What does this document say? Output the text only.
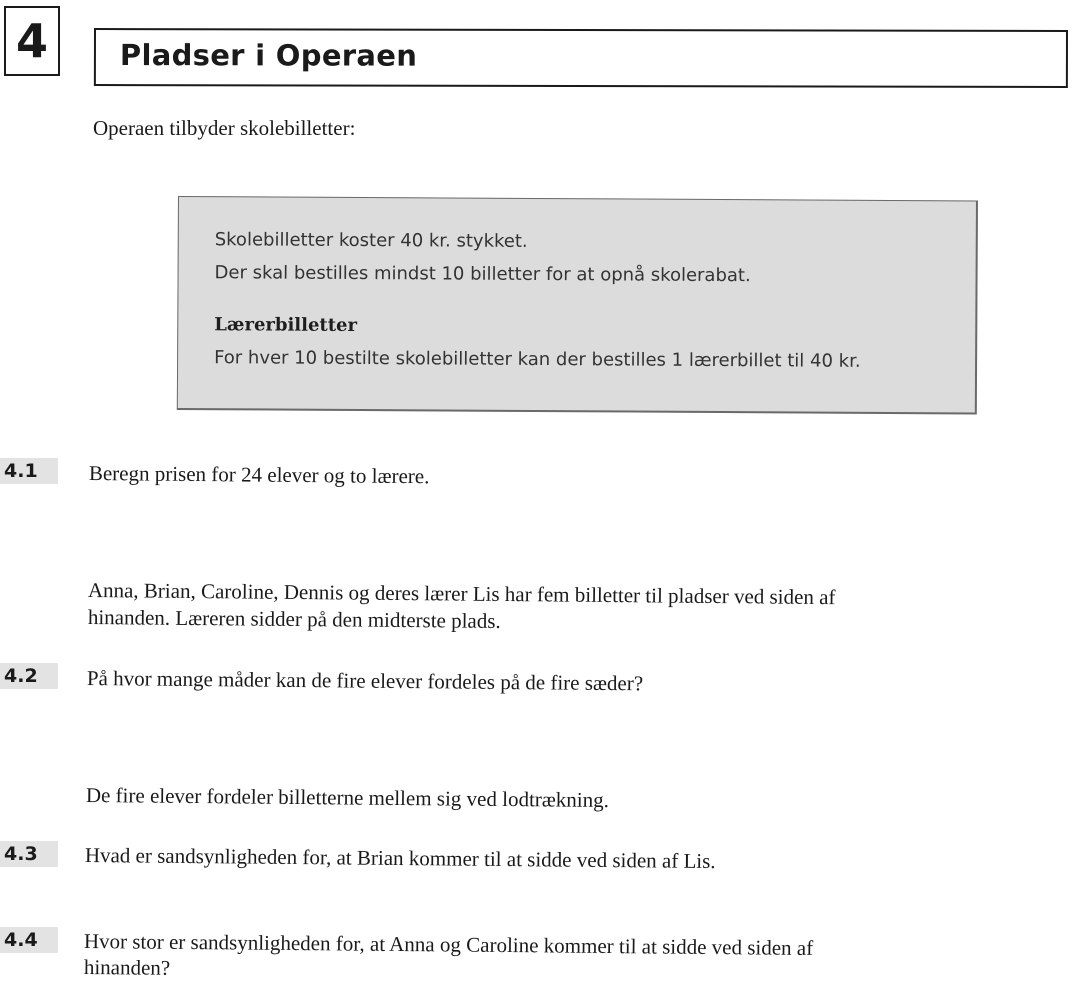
4	Pladser i Operaen
Operaen tilbyder skolebilletter:
Skolebilletter koster 40 kr. stykket.
Der skal bestilles mindst 10 billetter for at opnå skolerabat.
Lærerbilletter
For hver 10 bestilte skolebilletter kan der bestilles 1 lærerbillet til 40 kr.
4.1	Beregn prisen for 24 elever og to lærere.
Anna, Brian, Caroline, Dennis og deres lærer Lis har fem billetter til pladser ved siden af
hinanden. Læreren sidder på den midterste plads.
4.2	På hvor mange måder kan de fire elever fordeles på de fire sæder?
De fire elever fordeler billetterne mellem sig ved lodtrækning.
4.3	Hvad er sandsynligheden for, at Brian kommer til at sidde ved siden af Lis.
4.4	Hvor stor er sandsynligheden for, at Anna og Caroline kommer til at sidde ved siden af
hinanden?
